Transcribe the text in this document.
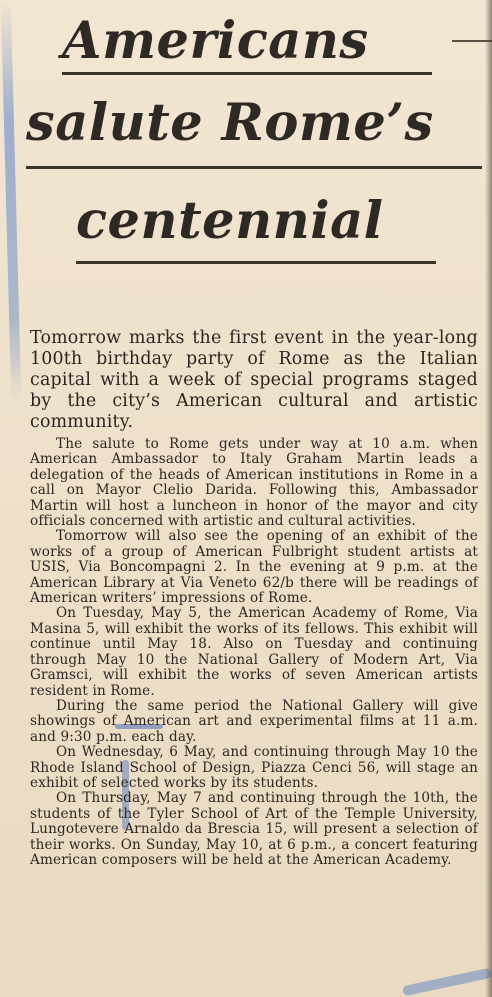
Americans
salute Rome’s
centennial

Tomorrow marks the first event in the year-long 100th birthday party of Rome as the Italian capital with a week of special programs staged by the city’s American cultural and artistic community.

The salute to Rome gets under way at 10 a.m. when American Ambassador to Italy Graham Martin leads a delegation of the heads of American institutions in Rome in a call on Mayor Clelio Darida. Following this, Ambassador Martin will host a luncheon in honor of the mayor and city officials concerned with artistic and cultural activities.

Tomorrow will also see the opening of an exhibit of the works of a group of American Fulbright student artists at USIS, Via Boncompagni 2. In the evening at 9 p.m. at the American Library at Via Veneto 62/b there will be readings of American writers’ impressions of Rome.

On Tuesday, May 5, the American Academy of Rome, Via Masina 5, will exhibit the works of its fellows. This exhibit will continue until May 18. Also on Tuesday and continuing through May 10 the National Gallery of Modern Art, Via Gramsci, will exhibit the works of seven American artists resident in Rome.

During the same period the National Gallery will give showings of American art and experimental films at 11 a.m. and 9:30 p.m. each day.

On Wednesday, 6 May, and continuing through May 10 the Rhode Island School of Design, Piazza Cenci 56, will stage an exhibit of selected works by its students.

On Thursday, May 7 and continuing through the 10th, the students of the Tyler School of Art of the Temple University, Lungotevere Arnaldo da Brescia 15, will present a selection of their works. On Sunday, May 10, at 6 p.m., a concert featuring American composers will be held at the American Academy.
